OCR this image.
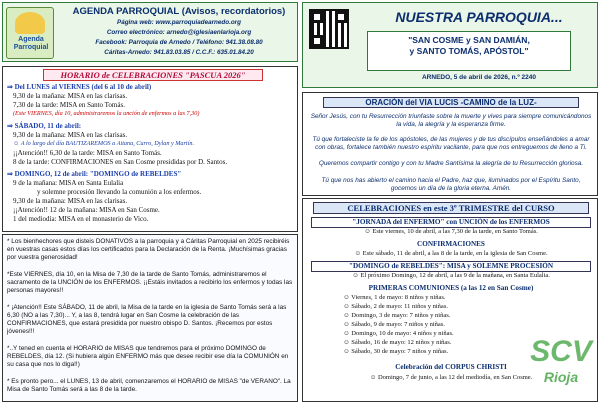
Agenda Parroquial
AGENDA PARROQUIAL (Avisos, recordatorios)
Página web: www.parroquiadearnedo.org
Correo electrónico: arnedo@iglesiaenlarioja.org
Facebook: Parroquia de Arnedo / Teléfono: 941.38.08.80
Cáritas-Arnedo: 941.83.03.85 / C.C.F.: 635.01.84.20
HORARIO de CELEBRACIONES "PASCUA 2026"
⇒ Del LUNES al VIERNES (del 6 al 10 de abril)
9,30 de la mañana: MISA en las clarisas.
7,30 de la tarde: MISA en Santo Tomás.
(Este VIERNES, día 10, administraremos la unción de enfermos a las 7,30)
⇒ SÁBADO, 11 de abril:
9,30 de la mañana: MISA en las clarisas.
☺ A lo largo del día BAUTIZAREMOS a Aitana, Curro, Dylan y Martín.
¡¡Atención!! 6,30 de la tarde: MISA en Santo Tomás.
8 de la tarde: CONFIRMACIONES en San Cosme presididas por D. Santos.
⇒ DOMINGO, 12 de abril: "DOMINGO de REBELDES"
9 de la mañana: MISA en Santa Eulalia
y solemne procesión llevando la comunión a los enfermos.
9,30 de la mañana: MISA en las clarisas.
¡¡Atención!! 12 de la mañana: MISA en San Cosme.
1 del mediodía: MISA en el monasterio de Vico.
* Los bienhechores que disteis DONATIVOS a la parroquia y a Cáritas Parroquial en 2025 recibiréis en vuestras casas estos días los certificados para la Declaración de la Renta. ¡Muchísimas gracias por vuestra generosidad!
*Este VIERNES, día 10, en la Misa de 7,30 de la tarde de Santo Tomás, administraremos el sacramento de la UNCIÓN de los ENFERMOS. ¡¡Estáis invitados a recibirlo los enfermos y todas las personas mayores!!
* ¡Atención!! Este SÁBADO, 11 de abril, la Misa de la tarde en la iglesia de Santo Tomás será a las 6,30 (NO a las 7,30)... Y, a las 8, tendrá lugar en San Cosme la celebración de las CONFIRMACIONES, que estará presidida por nuestro obispo D. Santos. ¡Recemos por estos jóvenes!!!
*..Y tened en cuenta el HORARIO de MISAS que tendremos para el próximo DOMINGO de REBELDES, día 12. (Si hubiera algún ENFERMO más que desee recibir ese día la COMUNIÓN en su casa que nos lo diga!!)
* Es pronto pero... el LUNES, 13 de abril, comenzaremos el HORARIO de MISAS "de VERANO". La Misa de Santo Tomás será a las 8 de la tarde.
NUESTRA PARROQUIA...
"SAN COSME y SAN DAMIÁN,
y SANTO TOMÁS, APÓSTOL"
ARNEDO, 5 de abril de 2026, n.º 2240
ORACIÓN del VIA LUCIS -CAMINO de la LUZ-
Señor Jesús, con tu Resurrección triunfaste sobre la muerte y vives para siempre comunicándonos la vida, la alegría y la esperanza firme.
Tú que fortaleciste la fe de los apóstoles, de las mujeres y de tus discípulos enseñándoles a amar con obras, fortalece también nuestro espíritu vacilante, para que nos entreguemos de lleno a Ti.
Queremos compartir contigo y con tu Madre Santísima la alegría de tu Resurrección gloriosa.
Tú que nos has abierto el camino hacia el Padre, haz que, iluminados por el Espíritu Santo, gocemos un día de la gloria eterna. Amén.
CELEBRACIONES en este 3º TRIMESTRE del CURSO
"JORNADA del ENFERMO" con UNCIÓN de los ENFERMOS
☺ Este viernes, 10 de abril, a las 7,30 de la tarde, en Santo Tomás.
CONFIRMACIONES
☺ Este sábado, 11 de abril, a las 8 de la tarde, en la iglesia de San Cosme.
"DOMINGO de REBELDES": MISA y SOLEMNE PROCESIÓN
☺ El próximo Domingo, 12 de abril, a las 9 de la mañana, en Santa Eulalia.
PRIMERAS COMUNIONES (a las 12 en San Cosme)
☺ Viernes, 1 de mayo: 8 niños y niñas.
☺ Sábado, 2 de mayo: 11 niños y niñas.
☺ Domingo, 3 de mayo: 7 niños y niñas.
☺ Sábado, 9 de mayo: 7 niños y niñas.
☺ Domingo, 10 de mayo: 4 niños y niñas.
☺ Sábado, 16 de mayo: 12 niños y niñas.
☺ Sábado, 30 de mayo: 7 niños y niñas.
Celebración del CORPUS CHRISTI
☺ Domingo, 7 de junio, a las 12 del mediodía, en San Cosme.
SCV
Rioja
